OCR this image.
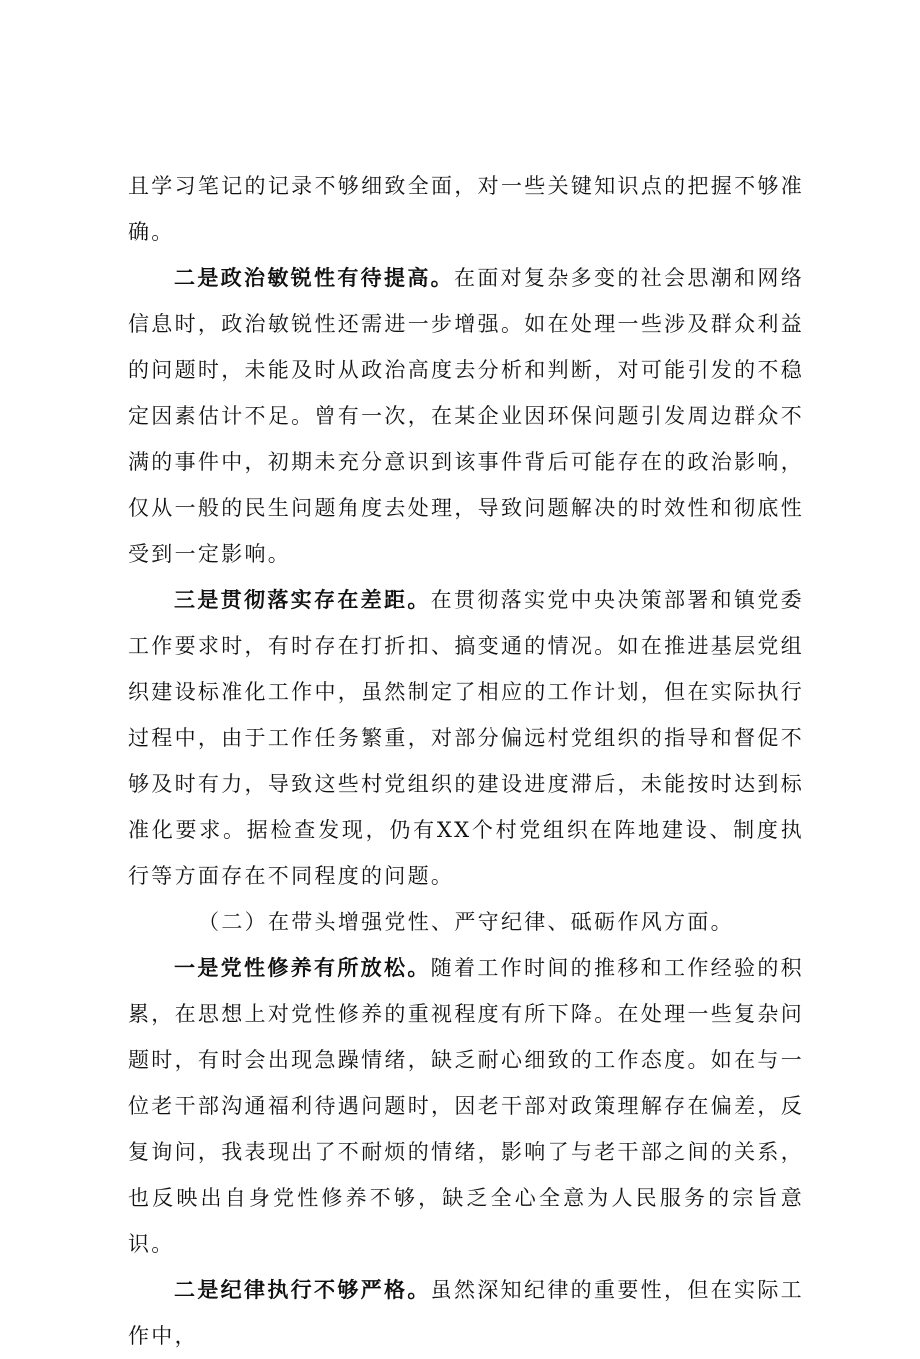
且学习笔记的记录不够细致全面，对一些关键知识点的把握不够准确。

二是政治敏锐性有待提高。在面对复杂多变的社会思潮和网络信息时，政治敏锐性还需进一步增强。如在处理一些涉及群众利益的问题时，未能及时从政治高度去分析和判断，对可能引发的不稳定因素估计不足。曾有一次，在某企业因环保问题引发周边群众不满的事件中，初期未充分意识到该事件背后可能存在的政治影响，仅从一般的民生问题角度去处理，导致问题解决的时效性和彻底性受到一定影响。

三是贯彻落实存在差距。在贯彻落实党中央决策部署和镇党委工作要求时，有时存在打折扣、搞变通的情况。如在推进基层党组织建设标准化工作中，虽然制定了相应的工作计划，但在实际执行过程中，由于工作任务繁重，对部分偏远村党组织的指导和督促不够及时有力，导致这些村党组织的建设进度滞后，未能按时达到标准化要求。据检查发现，仍有XX个村党组织在阵地建设、制度执行等方面存在不同程度的问题。

（二）在带头增强党性、严守纪律、砥砺作风方面。

一是党性修养有所放松。随着工作时间的推移和工作经验的积累，在思想上对党性修养的重视程度有所下降。在处理一些复杂问题时，有时会出现急躁情绪，缺乏耐心细致的工作态度。如在与一位老干部沟通福利待遇问题时，因老干部对政策理解存在偏差，反复询问，我表现出了不耐烦的情绪，影响了与老干部之间的关系，也反映出自身党性修养不够，缺乏全心全意为人民服务的宗旨意识。

二是纪律执行不够严格。虽然深知纪律的重要性，但在实际工作中，
